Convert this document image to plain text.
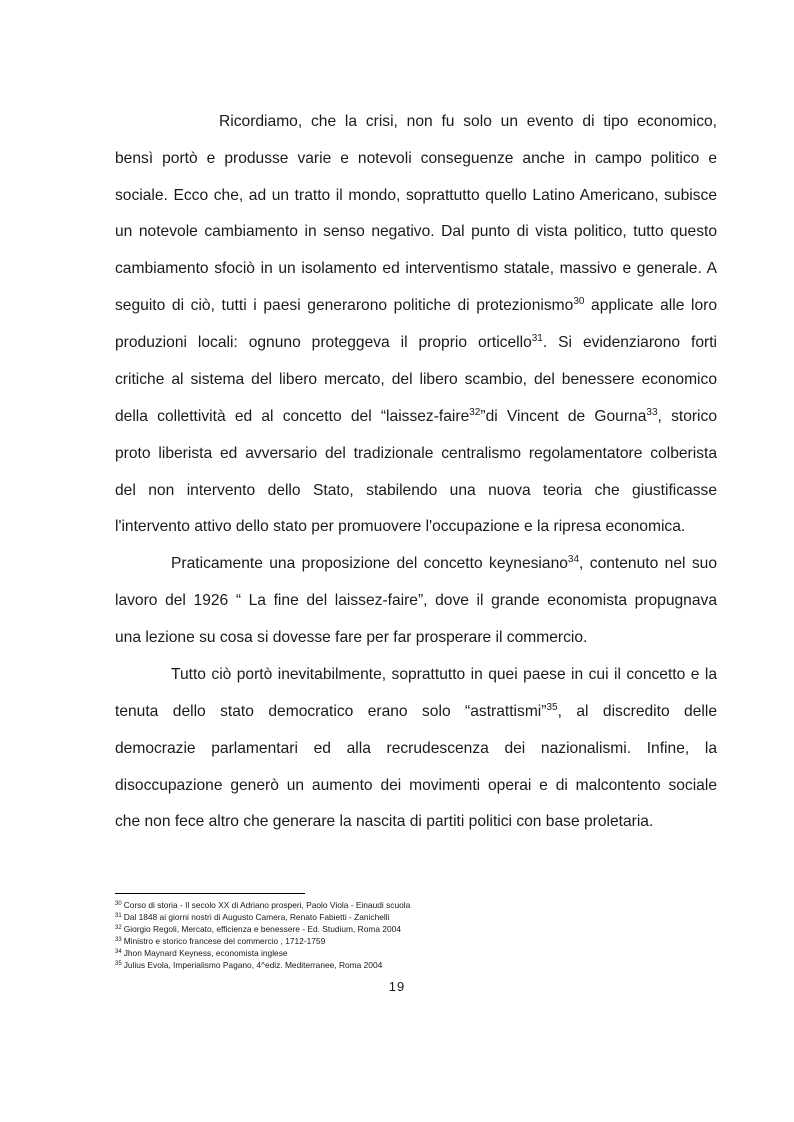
Ricordiamo, che la crisi, non fu solo un evento di tipo economico,
bensì portò e produsse varie e notevoli conseguenze anche in campo politico e
sociale. Ecco che, ad un tratto il mondo, soprattutto quello Latino Americano, subisce
un notevole cambiamento in senso negativo. Dal punto di vista politico, tutto questo
cambiamento sfociò in un isolamento ed interventismo statale, massivo e generale. A
seguito di ciò, tutti i paesi generarono politiche di protezionismo$^{30}$ applicate alle loro
produzioni locali: ognuno proteggeva il proprio orticello$^{31}$. Si evidenziarono forti
critiche al sistema del libero mercato, del libero scambio, del benessere economico
della collettività ed al concetto del “laissez-faire$^{32}$”di Vincent de Gourna$^{33}$, storico
proto liberista ed avversario del tradizionale centralismo regolamentatore colberista
del non intervento dello Stato, stabilendo una nuova teoria che giustificasse
l'intervento attivo dello stato per promuovere l'occupazione e la ripresa economica.
Praticamente una proposizione del concetto keynesiano$^{34}$, contenuto nel suo
lavoro del 1926 “ La fine del laissez-faire”, dove il grande economista propugnava
una lezione su cosa si dovesse fare per far prosperare il commercio.
Tutto ciò portò inevitabilmente, soprattutto in quei paese in cui il concetto e la
tenuta dello stato democratico erano solo “astrattismi”$^{35}$, al discredito delle
democrazie parlamentari ed alla recrudescenza dei nazionalismi. Infine, la
disoccupazione generò un aumento dei movimenti operai e di malcontento sociale
che non fece altro che generare la nascita di partiti politici con base proletaria.
$^{30}$ Corso di storia - Il secolo XX di Adriano prosperi, Paolo Viola - Einaudi scuola
$^{31}$ Dal 1848 ai giorni nostri di Augusto Camera, Renato Fabietti - Zanichelli
$^{32}$ Giorgio Regoli, Mercato, efficienza e benessere - Ed. Studium, Roma 2004
$^{33}$ Ministro e storico francese del commercio , 1712-1759
$^{34}$ Jhon Maynard Keyness, economista inglese
$^{35}$ Julius Evola, Imperialismo Pagano, 4^ediz. Mediterranee, Roma 2004
19
